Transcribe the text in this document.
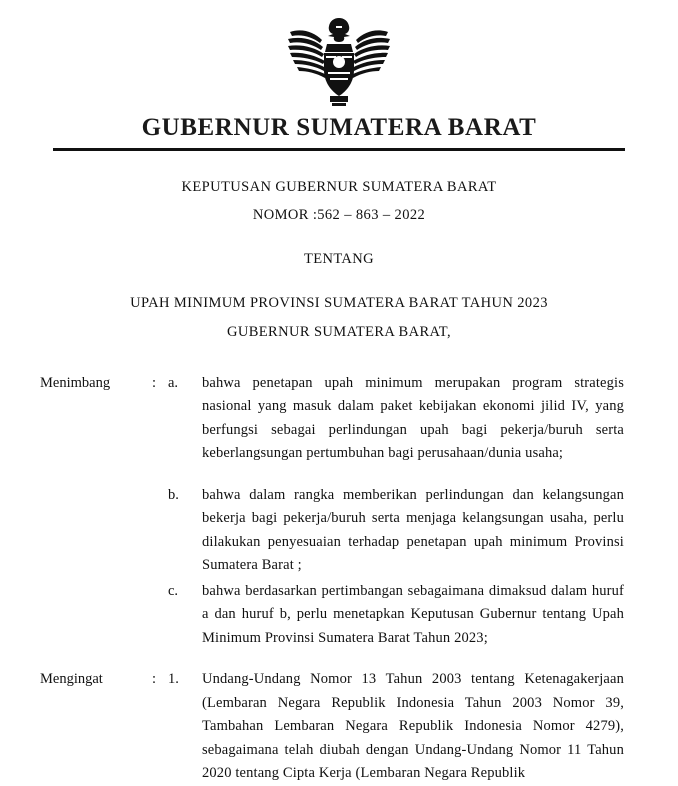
GUBERNUR SUMATERA BARAT
KEPUTUSAN GUBERNUR SUMATERA BARAT
NOMOR :562 – 863 – 2022
TENTANG
UPAH MINIMUM PROVINSI SUMATERA BARAT TAHUN 2023
GUBERNUR SUMATERA BARAT,
Menimbang	: a.	bahwa penetapan upah minimum merupakan program strategis nasional yang masuk dalam paket kebijakan ekonomi jilid IV, yang berfungsi sebagai perlindungan upah bagi pekerja/buruh serta keberlangsungan pertumbuhan bagi perusahaan/dunia usaha;
b.	bahwa dalam rangka memberikan perlindungan dan kelangsungan bekerja bagi pekerja/buruh serta menjaga kelangsungan usaha, perlu dilakukan penyesuaian terhadap penetapan upah minimum Provinsi Sumatera Barat ;
c.	bahwa berdasarkan pertimbangan sebagaimana dimaksud dalam huruf a dan huruf b, perlu menetapkan Keputusan Gubernur tentang Upah Minimum Provinsi Sumatera Barat Tahun 2023;
Mengingat	: 1.	Undang-Undang Nomor 13 Tahun 2003 tentang Ketenagakerjaan (Lembaran Negara Republik Indonesia Tahun 2003 Nomor 39, Tambahan Lembaran Negara Republik Indonesia Nomor 4279), sebagaimana telah diubah dengan Undang-Undang Nomor 11 Tahun 2020 tentang Cipta Kerja (Lembaran Negara Republik
